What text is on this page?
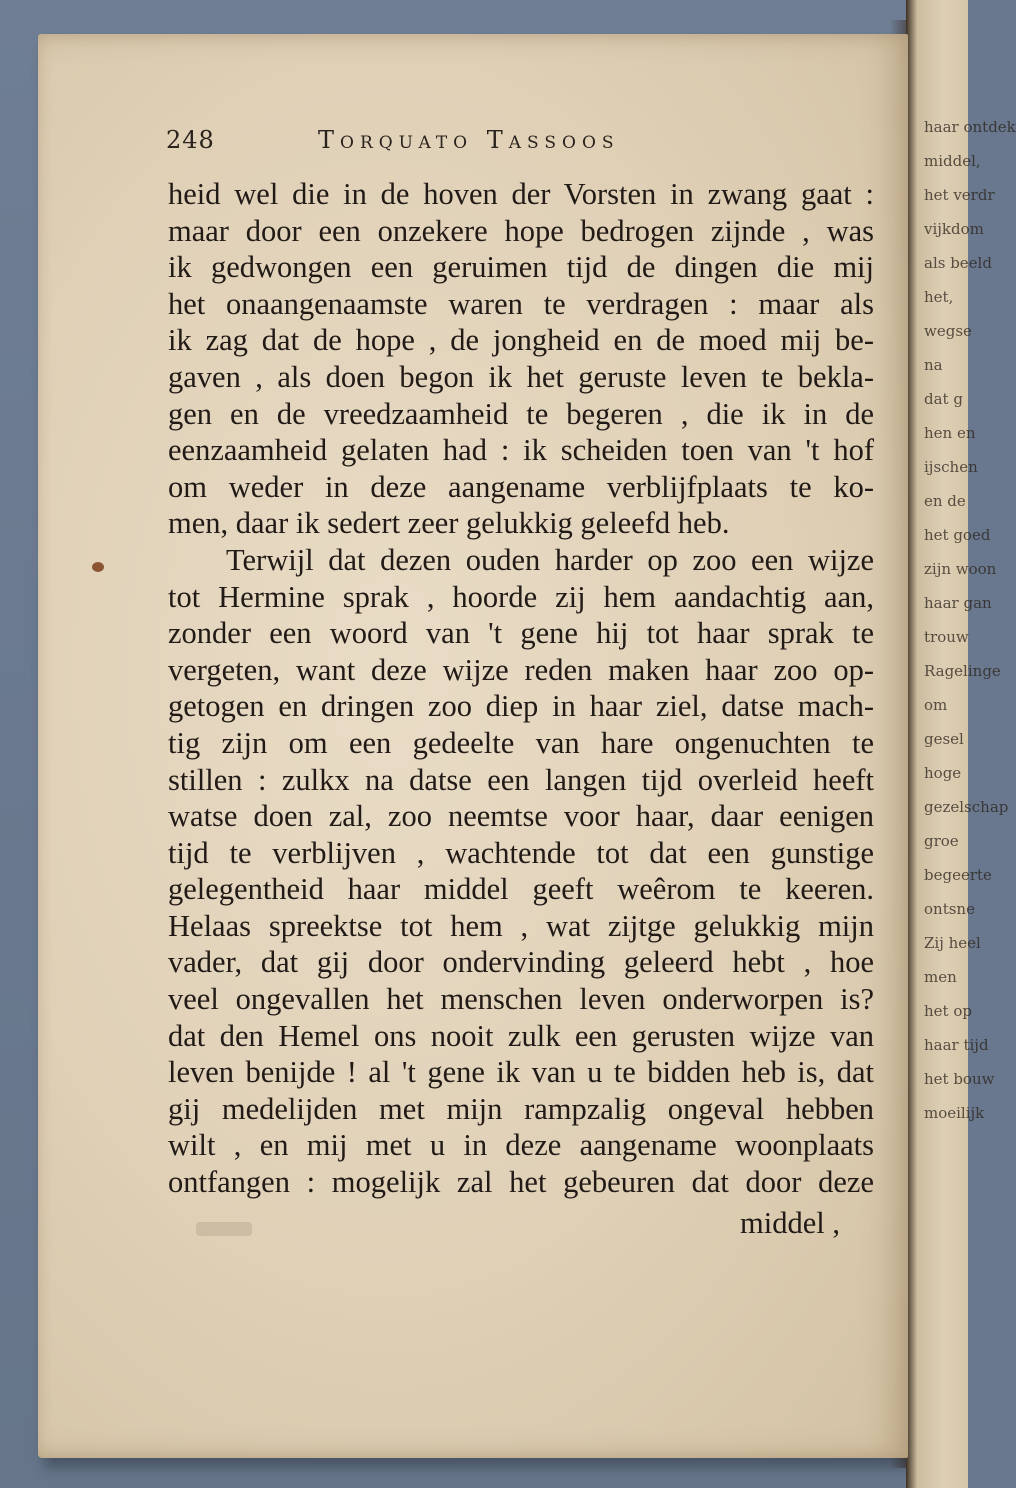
haar ontdek
middel,
het verdr
vijkdom
als beeld
het,
wegse
na
dat g
hen en
ijschen
en de
het goed
zijn woon
haar gan
trouw
Ragelinge
om
gesel
hoge
gezelschap
groe
begeerte
ontsne
Zij heel
men
het op
haar tijd
het bouw
moeilijk
248	Torquato Tassoos
heid wel die in de hoven der Vorsten in zwang gaat :
maar door een onzekere hope bedrogen zijnde , was
ik gedwongen een geruimen tijd de dingen die mij
het onaangenaamste waren te verdragen : maar als
ik zag dat de hope , de jongheid en de moed mij be-
gaven , als doen begon ik het geruste leven te bekla-
gen en de vreedzaamheid te begeren , die ik in de
eenzaamheid gelaten had : ik scheiden toen van 't hof
om weder in deze aangename verblijfplaats te ko-
men, daar ik sedert zeer gelukkig geleefd heb.
Terwijl dat dezen ouden harder op zoo een wijze
tot Hermine sprak , hoorde zij hem aandachtig aan,
zonder een woord van 't gene hij tot haar sprak te
vergeten, want deze wijze reden maken haar zoo op-
getogen en dringen zoo diep in haar ziel, datse mach-
tig zijn om een gedeelte van hare ongenuchten te
stillen : zulkx na datse een langen tijd overleid heeft
watse doen zal, zoo neemtse voor haar, daar eenigen
tijd te verblijven , wachtende tot dat een gunstige
gelegentheid haar middel geeft weêrom te keeren.
Helaas spreektse tot hem , wat zijtge gelukkig mijn
vader, dat gij door ondervinding geleerd hebt , hoe
veel ongevallen het menschen leven onderworpen is?
dat den Hemel ons nooit zulk een gerusten wijze van
leven benijde ! al 't gene ik van u te bidden heb is, dat
gij medelijden met mijn rampzalig ongeval hebben
wilt , en mij met u in deze aangename woonplaats
ontfangen : mogelijk zal het gebeuren dat door deze
middel ,
